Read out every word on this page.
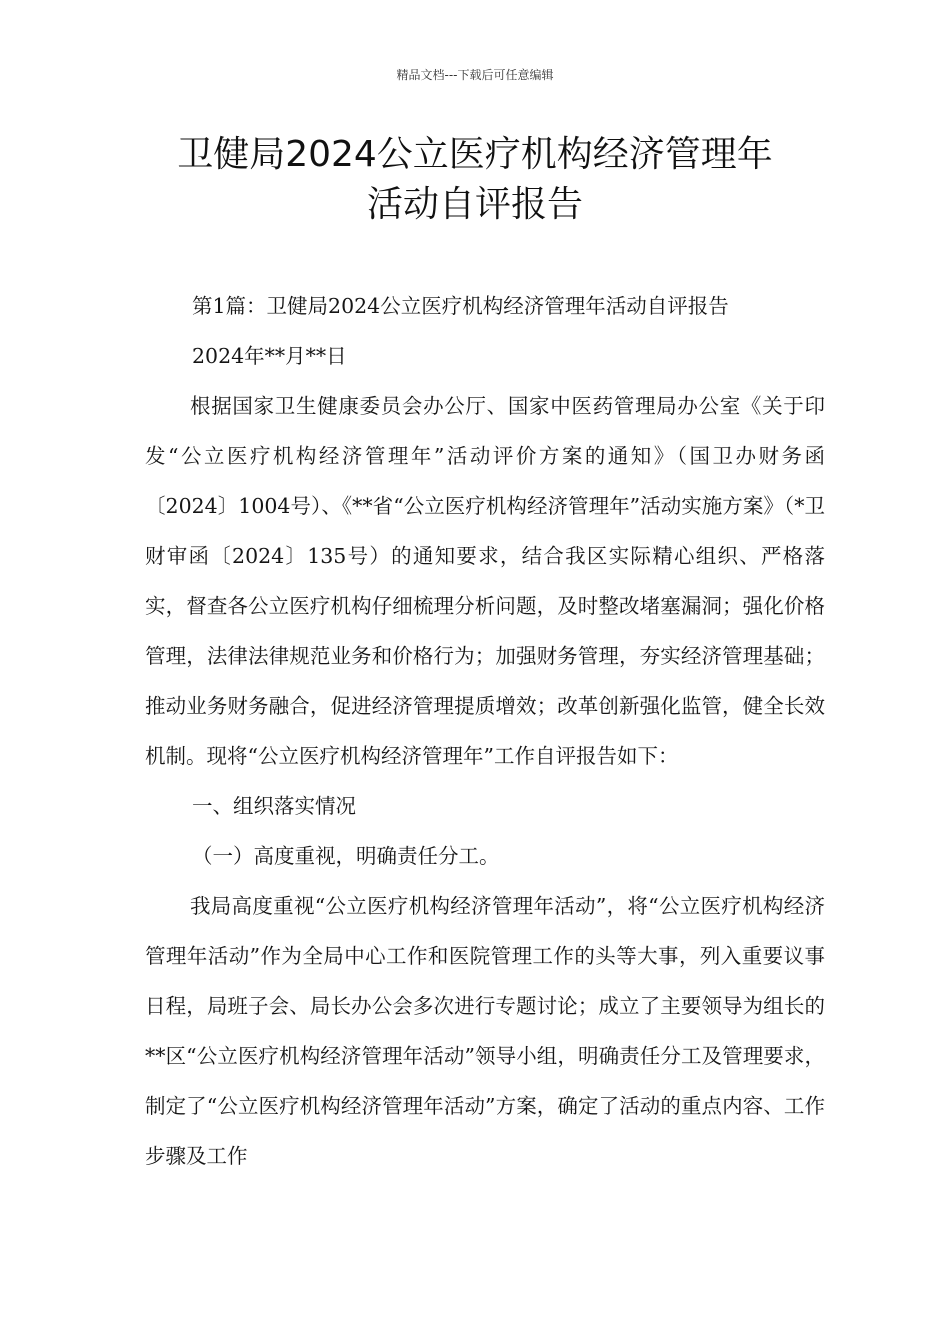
精品文档---下载后可任意编辑
卫健局2024公立医疗机构经济管理年
活动自评报告

第1篇：卫健局2024公立医疗机构经济管理年活动自评报告

2024年**月**日

根据国家卫生健康委员会办公厅、国家中医药管理局办公室《关于印发“公立医疗机构经济管理年”活动评价方案的通知》（国卫办财务函〔2024〕1004号）、《**省“公立医疗机构经济管理年”活动实施方案》（*卫财审函〔2024〕135号）的通知要求，结合我区实际精心组织、严格落实，督查各公立医疗机构仔细梳理分析问题，及时整改堵塞漏洞；强化价格管理，法律法律规范业务和价格行为；加强财务管理，夯实经济管理基础；推动业务财务融合，促进经济管理提质增效；改革创新强化监管，健全长效机制。现将“公立医疗机构经济管理年”工作自评报告如下：

一、组织落实情况

（一）高度重视，明确责任分工。

我局高度重视“公立医疗机构经济管理年活动”，将“公立医疗机构经济管理年活动”作为全局中心工作和医院管理工作的头等大事，列入重要议事日程，局班子会、局长办公会多次进行专题讨论；成立了主要领导为组长的**区“公立医疗机构经济管理年活动”领导小组，明确责任分工及管理要求，制定了“公立医疗机构经济管理年活动”方案，确定了活动的重点内容、工作步骤及工作
